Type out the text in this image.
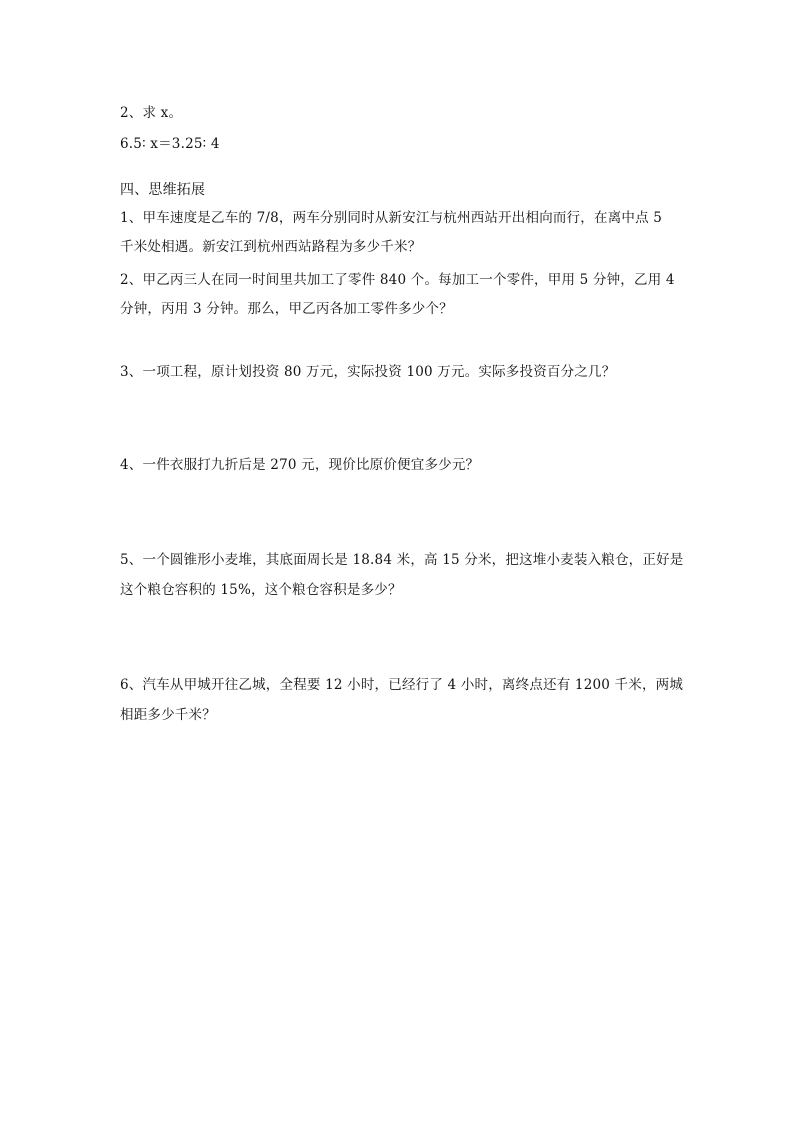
2、求 x。
6.5∶ x＝3.25∶ 4
四、思维拓展
1、甲车速度是乙车的 7/8，两车分别同时从新安江与杭州西站开出相向而行，在离中点 5
千米处相遇。新安江到杭州西站路程为多少千米？
2、甲乙丙三人在同一时间里共加工了零件 840 个。每加工一个零件，甲用 5 分钟，乙用 4
分钟，丙用 3 分钟。那么，甲乙丙各加工零件多少个？
3、一项工程，原计划投资 80 万元，实际投资 100 万元。实际多投资百分之几？
4、一件衣服打九折后是 270 元，现价比原价便宜多少元？
5、一个圆锥形小麦堆，其底面周长是 18.84 米，高 15 分米，把这堆小麦装入粮仓，正好是
这个粮仓容积的 15%，这个粮仓容积是多少？
6、汽车从甲城开往乙城，全程要 12 小时，已经行了 4 小时，离终点还有 1200 千米，两城
相距多少千米？
